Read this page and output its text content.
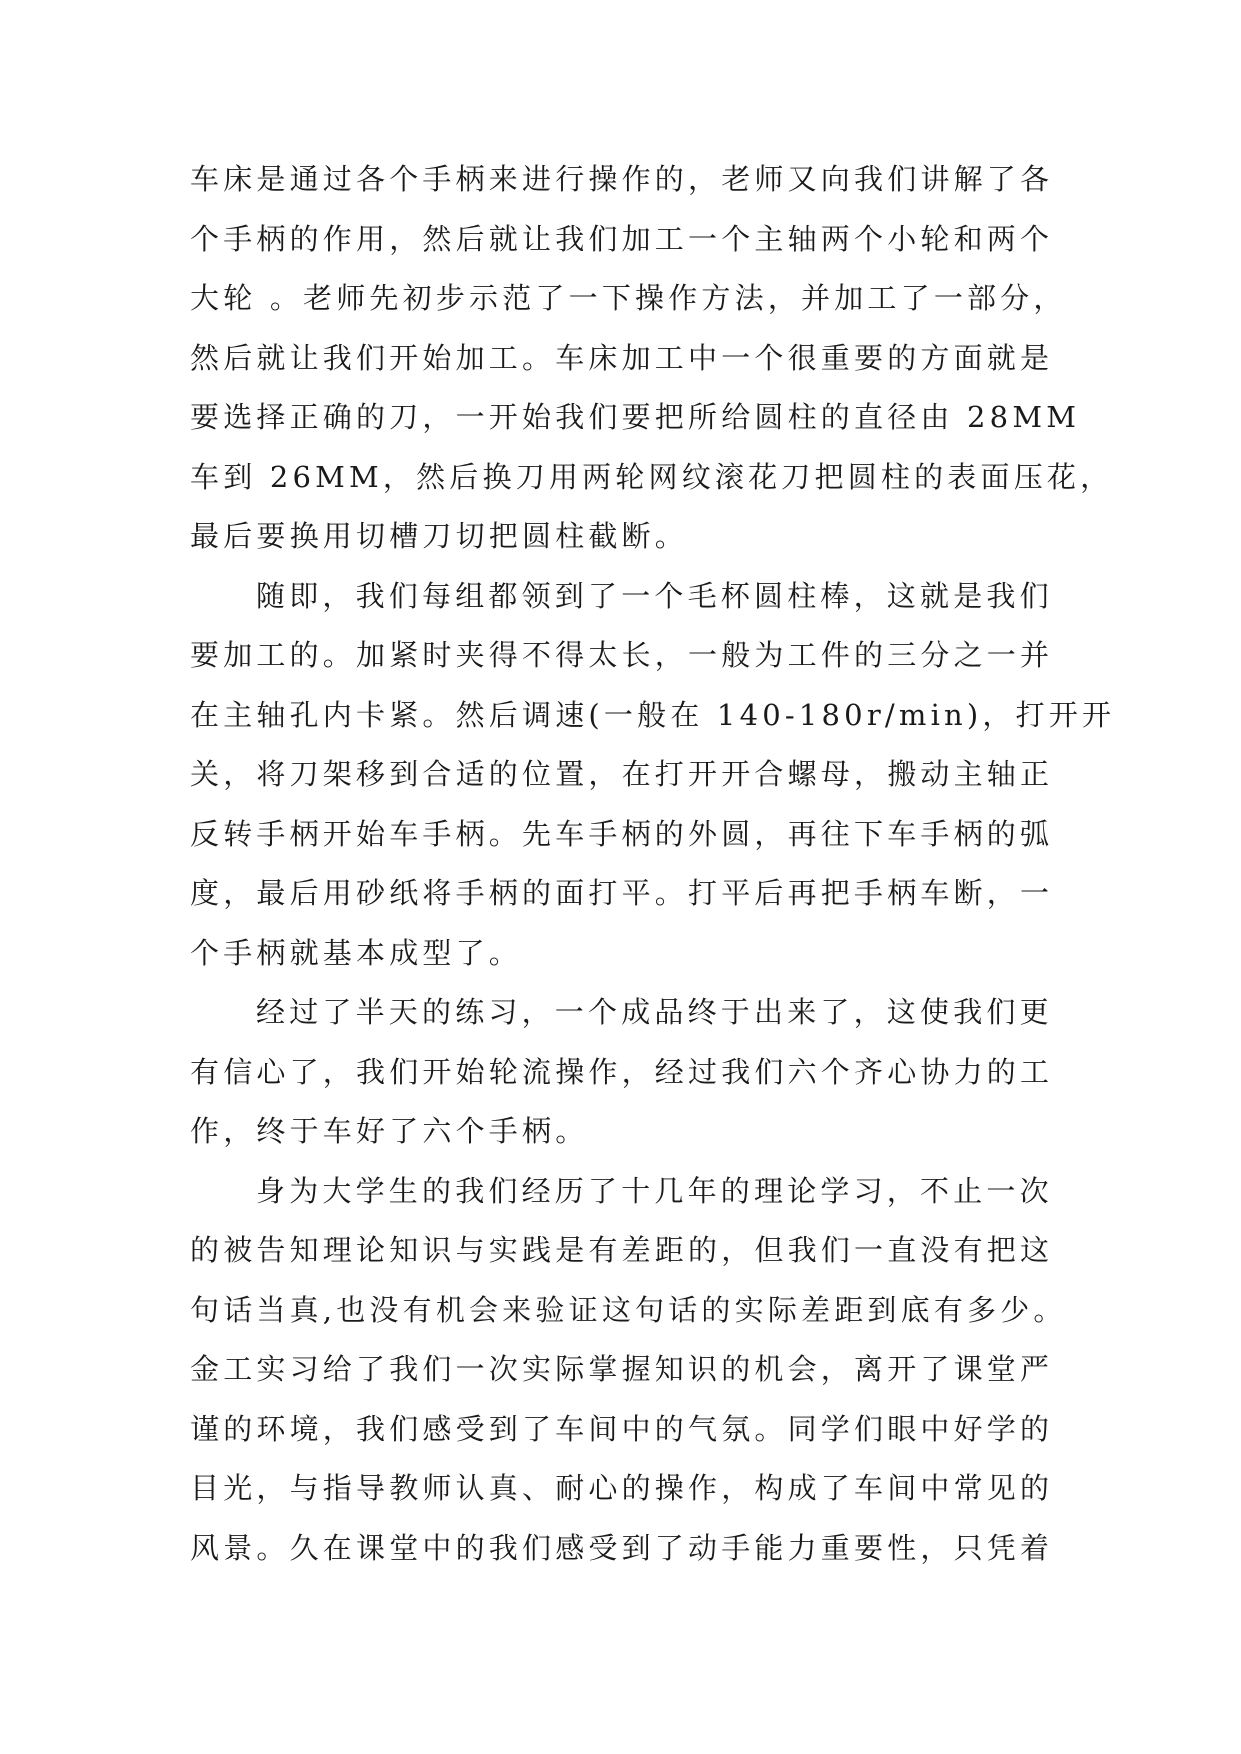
车床是通过各个手柄来进行操作的，老师又向我们讲解了各
个手柄的作用，然后就让我们加工一个主轴两个小轮和两个
大轮 。老师先初步示范了一下操作方法，并加工了一部分，
然后就让我们开始加工。车床加工中一个很重要的方面就是
要选择正确的刀，一开始我们要把所给圆柱的直径由 28MM
车到 26MM，然后换刀用两轮网纹滚花刀把圆柱的表面压花，
最后要换用切槽刀切把圆柱截断。
随即，我们每组都领到了一个毛杯圆柱棒，这就是我们
要加工的。加紧时夹得不得太长，一般为工件的三分之一并
在主轴孔内卡紧。然后调速(一般在 140-180r/min)，打开开
关，将刀架移到合适的位置，在打开开合螺母，搬动主轴正
反转手柄开始车手柄。先车手柄的外圆，再往下车手柄的弧
度，最后用砂纸将手柄的面打平。打平后再把手柄车断，一
个手柄就基本成型了。
经过了半天的练习，一个成品终于出来了，这使我们更
有信心了，我们开始轮流操作，经过我们六个齐心协力的工
作，终于车好了六个手柄。
身为大学生的我们经历了十几年的理论学习，不止一次
的被告知理论知识与实践是有差距的，但我们一直没有把这
句话当真,也没有机会来验证这句话的实际差距到底有多少。
金工实习给了我们一次实际掌握知识的机会，离开了课堂严
谨的环境，我们感受到了车间中的气氛。同学们眼中好学的
目光，与指导教师认真、耐心的操作，构成了车间中常见的
风景。久在课堂中的我们感受到了动手能力重要性，只凭着
